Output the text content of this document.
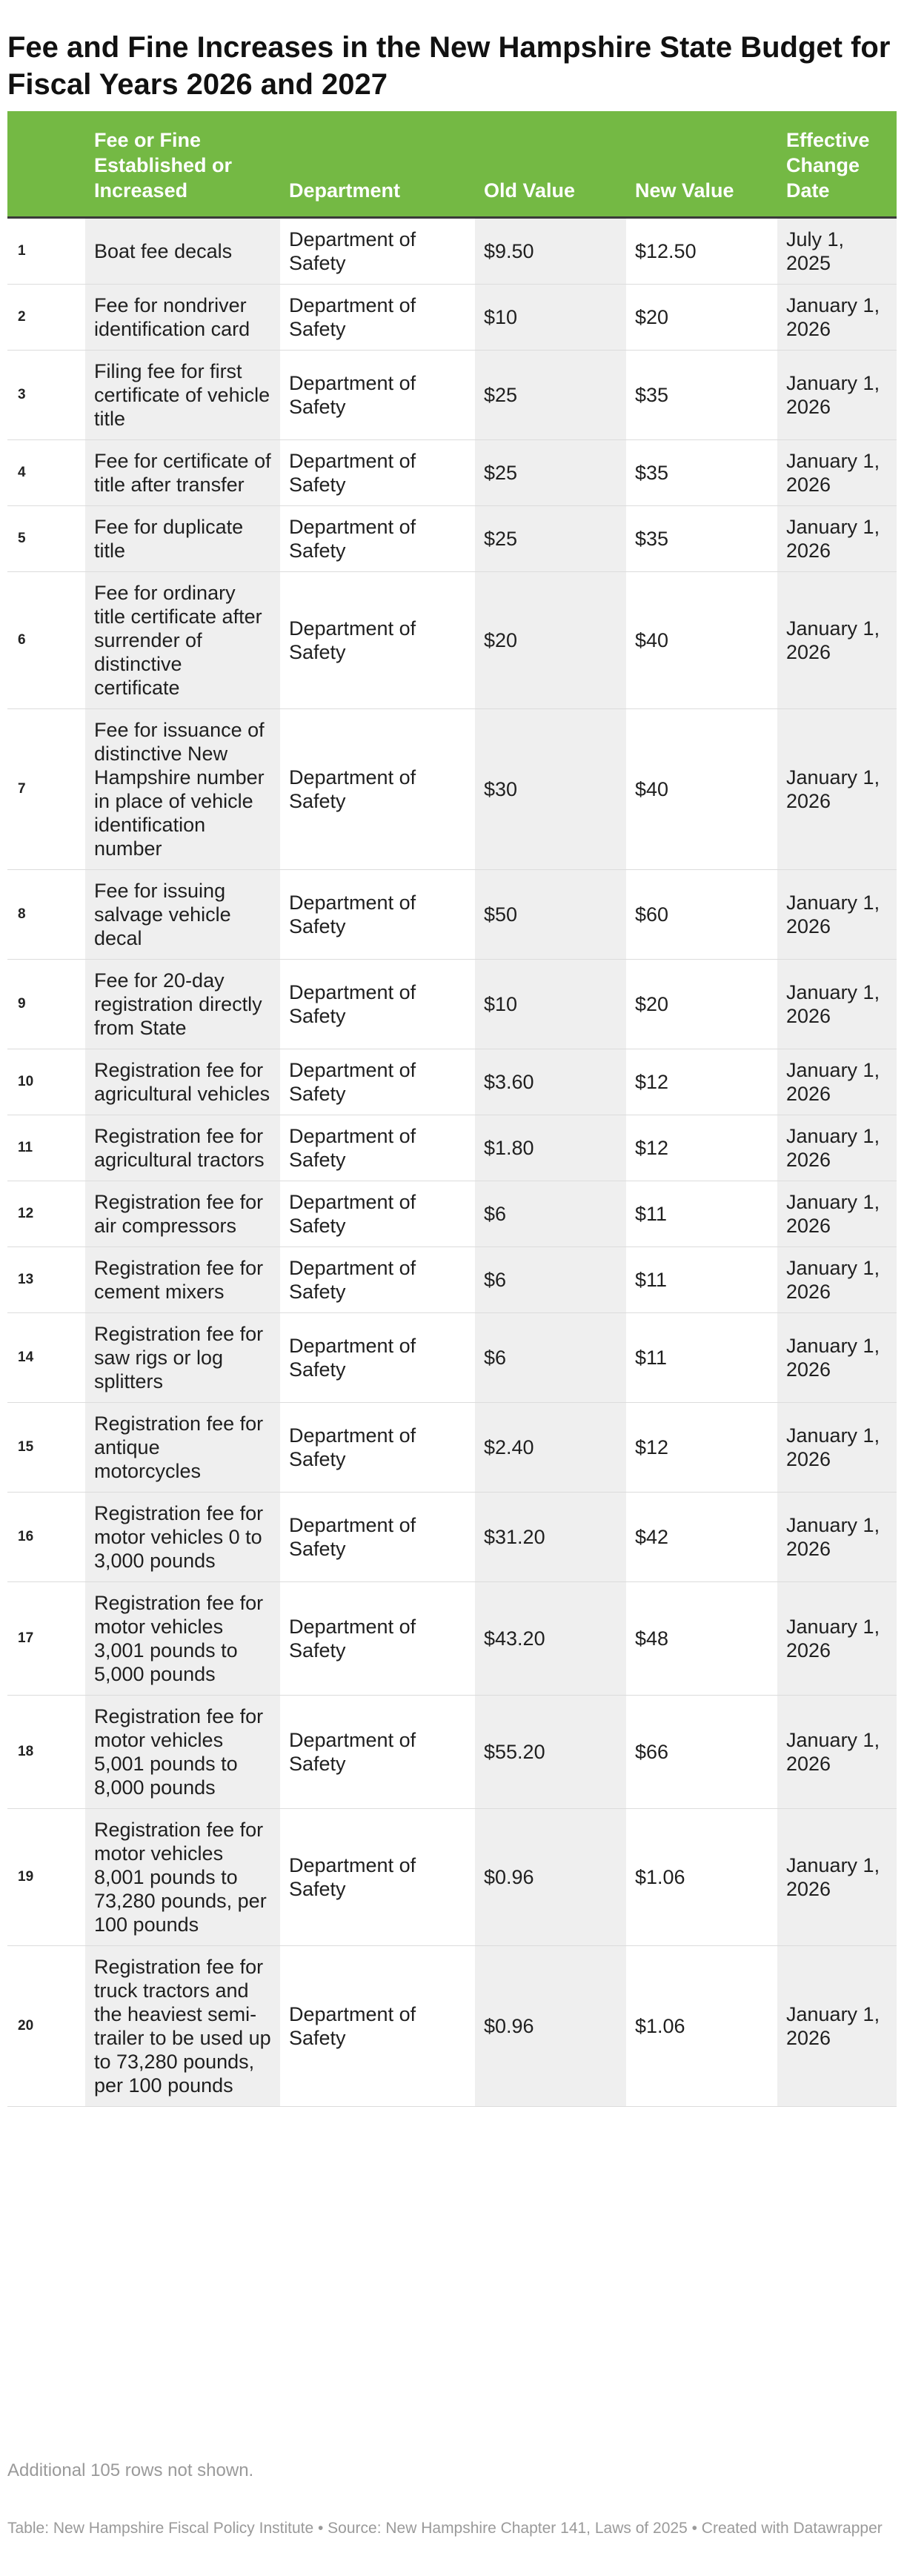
Fee and Fine Increases in the New Hampshire State Budget for Fiscal Years 2026 and 2027
	Fee or Fine Established or Increased	Department	Old Value	New Value	Effective Change Date
1	Boat fee decals	Department of Safety	$9.50	$12.50	July 1, 2025
2	Fee for nondriver identification card	Department of Safety	$10	$20	January 1, 2026
3	Filing fee for first certificate of vehicle title	Department of Safety	$25	$35	January 1, 2026
4	Fee for certificate of title after transfer	Department of Safety	$25	$35	January 1, 2026
5	Fee for duplicate title	Department of Safety	$25	$35	January 1, 2026
6	Fee for ordinary title certificate after surrender of distinctive certificate	Department of Safety	$20	$40	January 1, 2026
7	Fee for issuance of distinctive New Hampshire number in place of vehicle identification number	Department of Safety	$30	$40	January 1, 2026
8	Fee for issuing salvage vehicle decal	Department of Safety	$50	$60	January 1, 2026
9	Fee for 20-day registration directly from State	Department of Safety	$10	$20	January 1, 2026
10	Registration fee for agricultural vehicles	Department of Safety	$3.60	$12	January 1, 2026
11	Registration fee for agricultural tractors	Department of Safety	$1.80	$12	January 1, 2026
12	Registration fee for air compressors	Department of Safety	$6	$11	January 1, 2026
13	Registration fee for cement mixers	Department of Safety	$6	$11	January 1, 2026
14	Registration fee for saw rigs or log splitters	Department of Safety	$6	$11	January 1, 2026
15	Registration fee for antique motorcycles	Department of Safety	$2.40	$12	January 1, 2026
16	Registration fee for motor vehicles 0 to 3,000 pounds	Department of Safety	$31.20	$42	January 1, 2026
17	Registration fee for motor vehicles 3,001 pounds to 5,000 pounds	Department of Safety	$43.20	$48	January 1, 2026
18	Registration fee for motor vehicles 5,001 pounds to 8,000 pounds	Department of Safety	$55.20	$66	January 1, 2026
19	Registration fee for motor vehicles 8,001 pounds to 73,280 pounds, per 100 pounds	Department of Safety	$0.96	$1.06	January 1, 2026
20	Registration fee for truck tractors and the heaviest semi-trailer to be used up to 73,280 pounds, per 100 pounds	Department of Safety	$0.96	$1.06	January 1, 2026
Additional 105 rows not shown.
Table: New Hampshire Fiscal Policy Institute • Source: New Hampshire Chapter 141, Laws of 2025 • Created with Datawrapper
